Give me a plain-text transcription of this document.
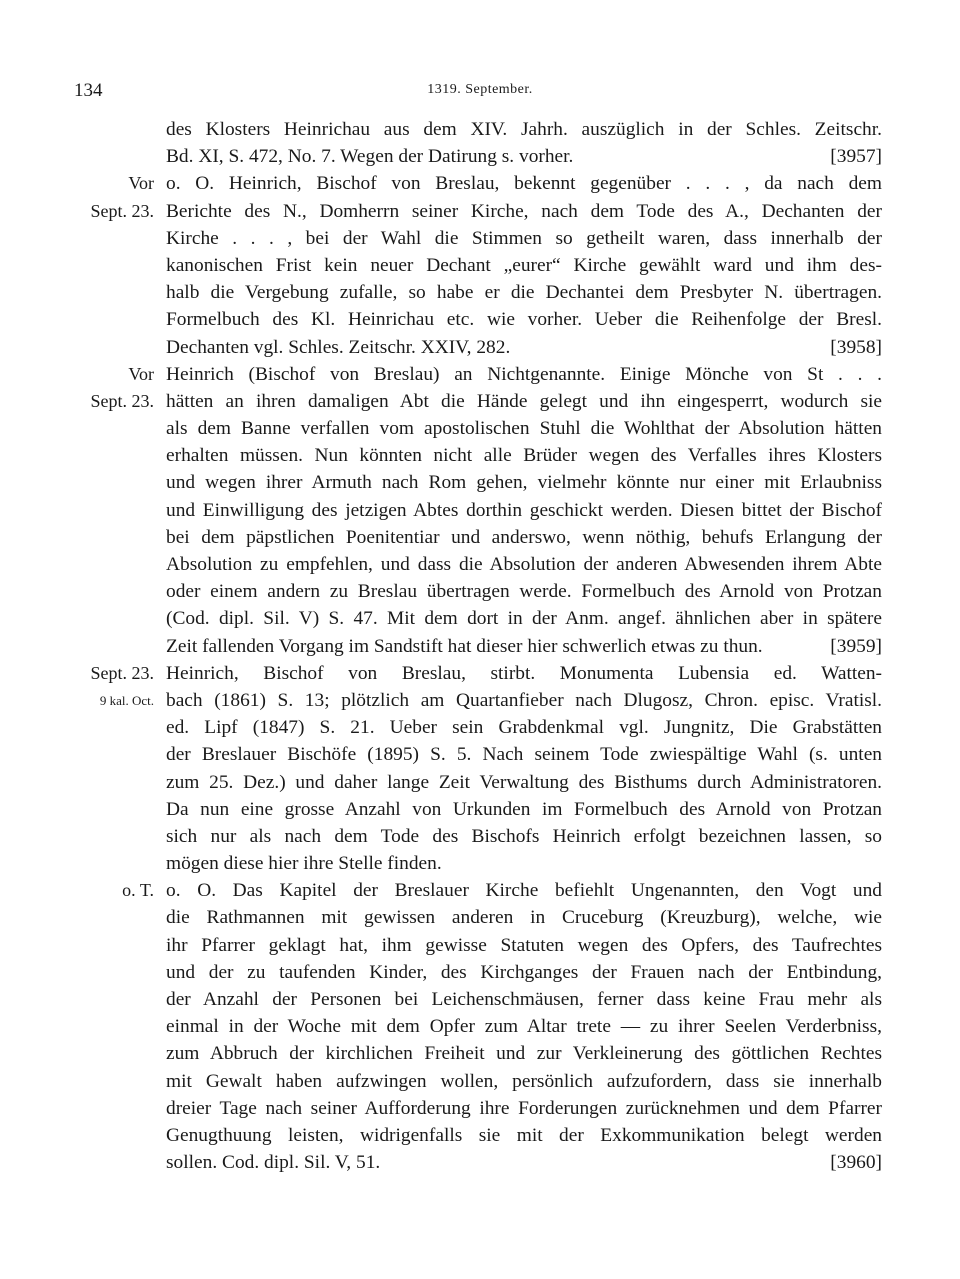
134	1319. September.
des Klosters Heinrichau aus dem XIV. Jahrh. auszüglich in der Schles. Zeitschr.
Bd. XI, S. 472, No. 7. Wegen der Datirung s. vorher.	[3957]
Vor o. O. Heinrich, Bischof von Breslau, bekennt gegenüber . . . , da nach dem
Sept. 23. Berichte des N., Domherrn seiner Kirche, nach dem Tode des A., Dechanten der
Kirche . . . , bei der Wahl die Stimmen so getheilt waren, dass innerhalb der
kanonischen Frist kein neuer Dechant „eurer“ Kirche gewählt ward und ihm des-
halb die Vergebung zufalle, so habe er die Dechantei dem Presbyter N. übertragen.
Formelbuch des Kl. Heinrichau etc. wie vorher. Ueber die Reihenfolge der Bresl.
Dechanten vgl. Schles. Zeitschr. XXIV, 282.	[3958]
Vor Heinrich (Bischof von Breslau) an Nichtgenannte. Einige Mönche von St . . .
Sept. 23. hätten an ihren damaligen Abt die Hände gelegt und ihn eingesperrt, wodurch sie
als dem Banne verfallen vom apostolischen Stuhl die Wohlthat der Absolution hätten
erhalten müssen. Nun könnten nicht alle Brüder wegen des Verfalles ihres Klosters
und wegen ihrer Armuth nach Rom gehen, vielmehr könnte nur einer mit Erlaubniss
und Einwilligung des jetzigen Abtes dorthin geschickt werden. Diesen bittet der Bischof
bei dem päpstlichen Poenitentiar und anderswo, wenn nöthig, behufs Erlangung der
Absolution zu empfehlen, und dass die Absolution der anderen Abwesenden ihrem Abte
oder einem andern zu Breslau übertragen werde. Formelbuch des Arnold von Protzan
(Cod. dipl. Sil. V) S. 47. Mit dem dort in der Anm. angef. ähnlichen aber in spätere
Zeit fallenden Vorgang im Sandstift hat dieser hier schwerlich etwas zu thun.	[3959]
Sept. 23. Heinrich, Bischof von Breslau, stirbt. Monumenta Lubensia ed. Watten-
9 kal. Oct. bach (1861) S. 13; plötzlich am Quartanfieber nach Dlugosz, Chron. episc. Vratisl.
ed. Lipf (1847) S. 21. Ueber sein Grabdenkmal vgl. Jungnitz, Die Grabstätten
der Breslauer Bischöfe (1895) S. 5. Nach seinem Tode zwiespältige Wahl (s. unten
zum 25. Dez.) und daher lange Zeit Verwaltung des Bisthums durch Administratoren.
Da nun eine grosse Anzahl von Urkunden im Formelbuch des Arnold von Protzan
sich nur als nach dem Tode des Bischofs Heinrich erfolgt bezeichnen lassen, so
mögen diese hier ihre Stelle finden.
o. T. o. O. Das Kapitel der Breslauer Kirche befiehlt Ungenannten, den Vogt und
die Rathmannen mit gewissen anderen in Cruceburg (Kreuzburg), welche, wie
ihr Pfarrer geklagt hat, ihm gewisse Statuten wegen des Opfers, des Taufrechtes
und der zu taufenden Kinder, des Kirchganges der Frauen nach der Entbindung,
der Anzahl der Personen bei Leichenschmäusen, ferner dass keine Frau mehr als
einmal in der Woche mit dem Opfer zum Altar trete — zu ihrer Seelen Verderbniss,
zum Abbruch der kirchlichen Freiheit und zur Verkleinerung des göttlichen Rechtes
mit Gewalt haben aufzwingen wollen, persönlich aufzufordern, dass sie innerhalb
dreier Tage nach seiner Aufforderung ihre Forderungen zurücknehmen und dem Pfarrer
Genugthuung leisten, widrigenfalls sie mit der Exkommunikation belegt werden
sollen. Cod. dipl. Sil. V, 51.	[3960]
